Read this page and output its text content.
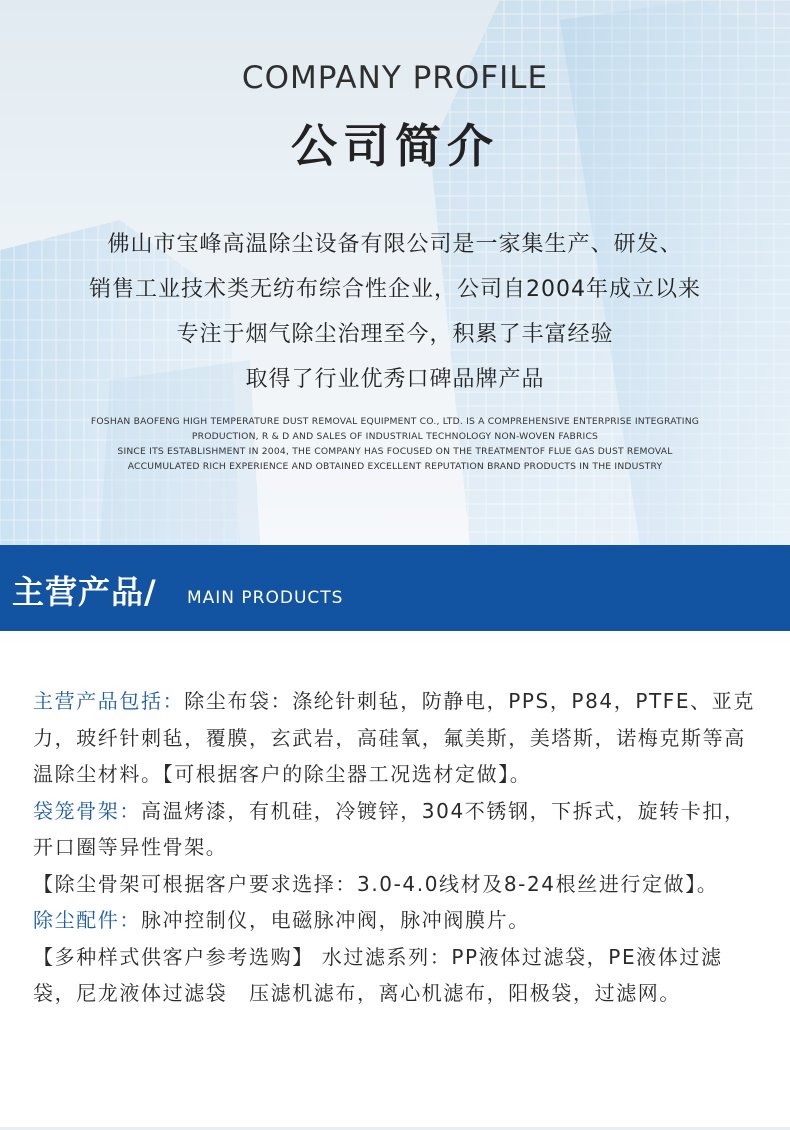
COMPANY PROFILE
公司简介
佛山市宝峰高温除尘设备有限公司是一家集生产、研发、
销售工业技术类无纺布综合性企业，公司自2004年成立以来
专注于烟气除尘治理至今，积累了丰富经验
取得了行业优秀口碑品牌产品
FOSHAN BAOFENG HIGH TEMPERATURE DUST REMOVAL EQUIPMENT CO., LTD. IS A COMPREHENSIVE ENTERPRISE INTEGRATING
PRODUCTION, R & D AND SALES OF INDUSTRIAL TECHNOLOGY NON-WOVEN FABRICS
SINCE ITS ESTABLISHMENT IN 2004, THE COMPANY HAS FOCUSED ON THE TREATMENTOF FLUE GAS DUST REMOVAL
ACCUMULATED RICH EXPERIENCE AND OBTAINED EXCELLENT REPUTATION BRAND PRODUCTS IN THE INDUSTRY
主营产品/ MAIN PRODUCTS

主营产品包括：除尘布袋：涤纶针刺毡，防静电，PPS，P84，PTFE、亚克力，玻纤针刺毡，覆膜，玄武岩，高硅氧，氟美斯，美塔斯，诺梅克斯等高温除尘材料。【可根据客户的除尘器工况选材定做】。

袋笼骨架：高温烤漆，有机硅，冷镀锌，304不锈钢，下拆式，旋转卡扣，开口圈等异性骨架。

【除尘骨架可根据客户要求选择：3.0-4.0线材及8-24根丝进行定做】。

除尘配件：脉冲控制仪，电磁脉冲阀，脉冲阀膜片。

【多种样式供客户参考选购】 水过滤系列：PP液体过滤袋，PE液体过滤袋，尼龙液体过滤袋　压滤机滤布，离心机滤布，阳极袋，过滤网。
